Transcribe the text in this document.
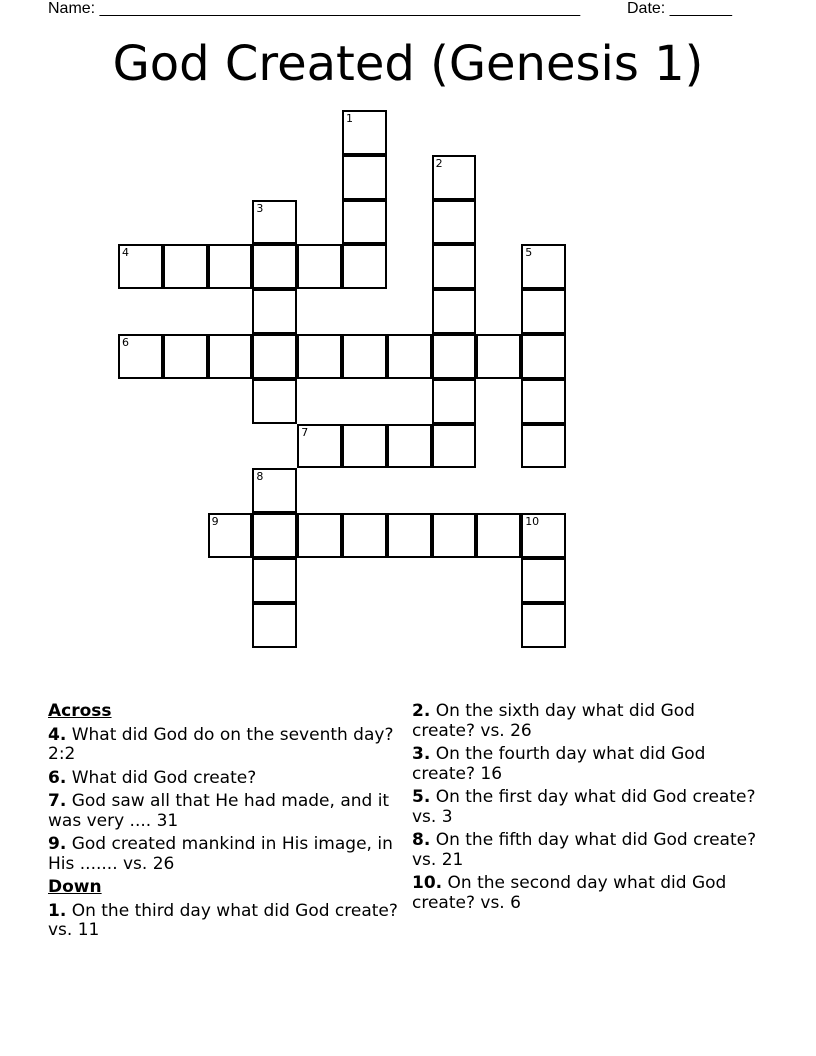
Name: ______________________________________________________	Date: _______
God Created (Genesis 1)
1
2
3
4	5
6
7
8
9	10
Across
4. What did God do on the seventh day? 2:2
6. What did God create?
7. God saw all that He had made, and it was very .... 31
9. God created mankind in His image, in His ....... vs. 26
Down
1. On the third day what did God create? vs. 11
2. On the sixth day what did God create? vs. 26
3. On the fourth day what did God create? 16
5. On the first day what did God create? vs. 3
8. On the fifth day what did God create? vs. 21
10. On the second day what did God create? vs. 6
